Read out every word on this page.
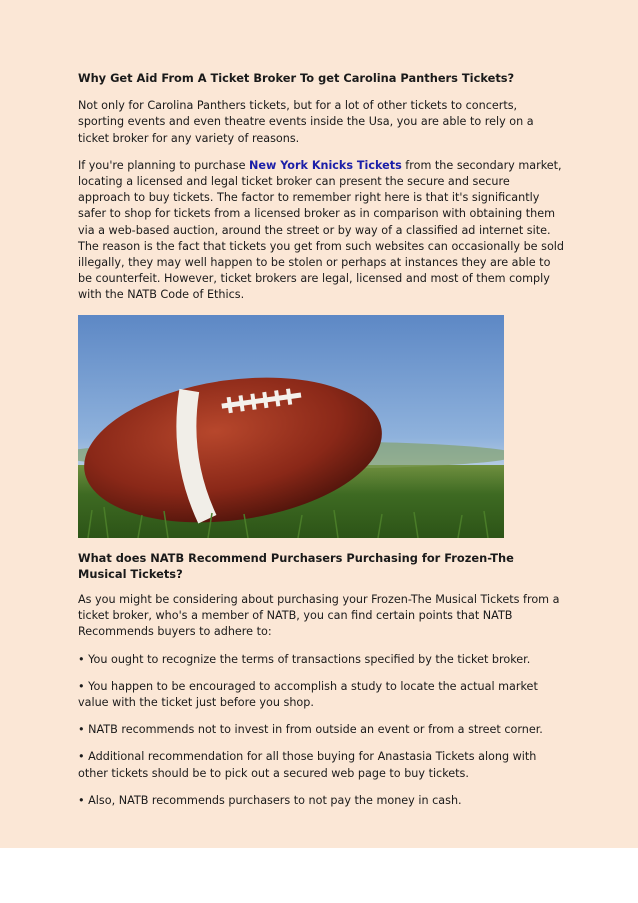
Why Get Aid From A Ticket Broker To get Carolina Panthers Tickets?

Not only for Carolina Panthers tickets, but for a lot of other tickets to concerts, sporting events and even theatre events inside the Usa, you are able to rely on a ticket broker for any variety of reasons.

If you're planning to purchase New York Knicks Tickets from the secondary market, locating a licensed and legal ticket broker can present the secure and secure approach to buy tickets. The factor to remember right here is that it's significantly safer to shop for tickets from a licensed broker as in comparison with obtaining them via a web-based auction, around the street or by way of a classified ad internet site. The reason is the fact that tickets you get from such websites can occasionally be sold illegally, they may well happen to be stolen or perhaps at instances they are able to be counterfeit. However, ticket brokers are legal, licensed and most of them comply with the NATB Code of Ethics.

What does NATB Recommend Purchasers Purchasing for Frozen-The Musical Tickets?

As you might be considering about purchasing your Frozen-The Musical Tickets from a ticket broker, who's a member of NATB, you can find certain points that NATB Recommends buyers to adhere to:

• You ought to recognize the terms of transactions specified by the ticket broker.

• You happen to be encouraged to accomplish a study to locate the actual market value with the ticket just before you shop.

• NATB recommends not to invest in from outside an event or from a street corner.

• Additional recommendation for all those buying for Anastasia Tickets along with other tickets should be to pick out a secured web page to buy tickets.

• Also, NATB recommends purchasers to not pay the money in cash.
